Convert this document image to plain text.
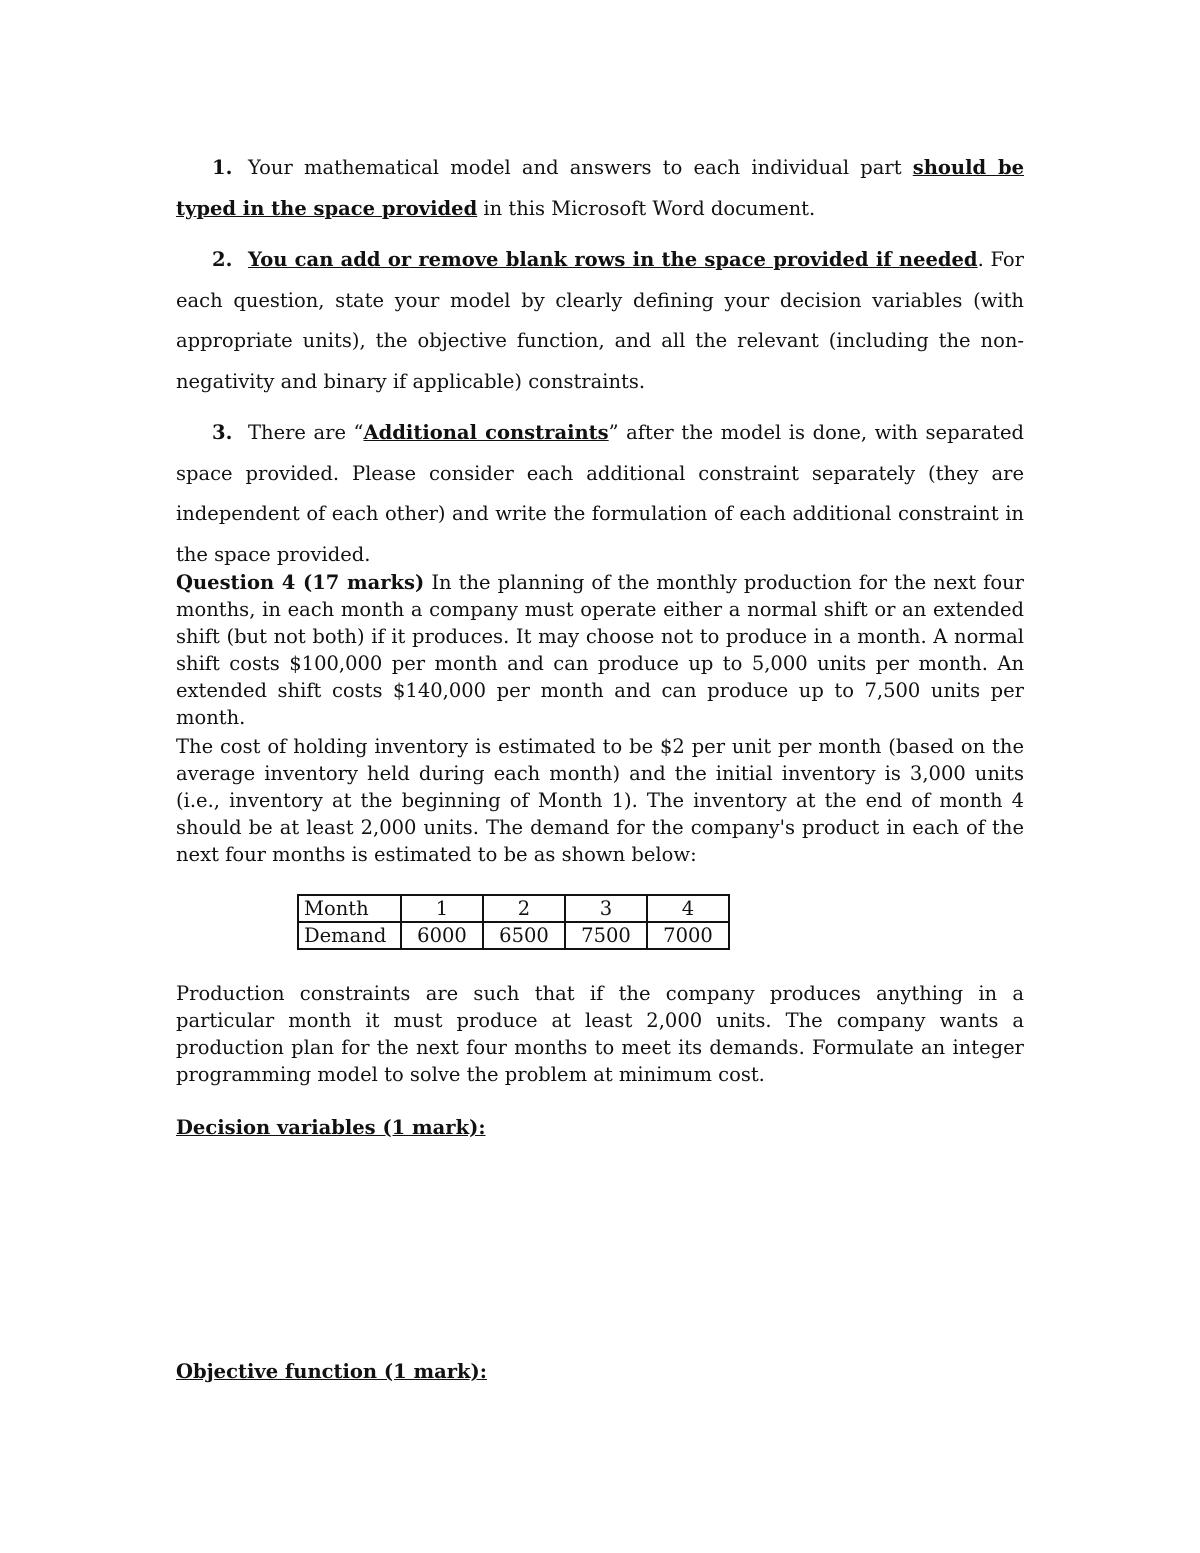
1. Your mathematical model and answers to each individual part should be typed in the space provided in this Microsoft Word document.

2. You can add or remove blank rows in the space provided if needed. For each question, state your model by clearly defining your decision variables (with appropriate units), the objective function, and all the relevant (including the non-negativity and binary if applicable) constraints.

3. There are “Additional constraints” after the model is done, with separated space provided. Please consider each additional constraint separately (they are independent of each other) and write the formulation of each additional constraint in the space provided.

Question 4 (17 marks) In the planning of the monthly production for the next four months, in each month a company must operate either a normal shift or an extended shift (but not both) if it produces. It may choose not to produce in a month. A normal shift costs $100,000 per month and can produce up to 5,000 units per month. An extended shift costs $140,000 per month and can produce up to 7,500 units per month.

The cost of holding inventory is estimated to be $2 per unit per month (based on the average inventory held during each month) and the initial inventory is 3,000 units (i.e., inventory at the beginning of Month 1). The inventory at the end of month 4 should be at least 2,000 units. The demand for the company's product in each of the next four months is estimated to be as shown below:

Month	1	2	3	4
Demand	6000	6500	7500	7000

Production constraints are such that if the company produces anything in a particular month it must produce at least 2,000 units. The company wants a production plan for the next four months to meet its demands. Formulate an integer programming model to solve the problem at minimum cost.

Decision variables (1 mark):

Objective function (1 mark):
